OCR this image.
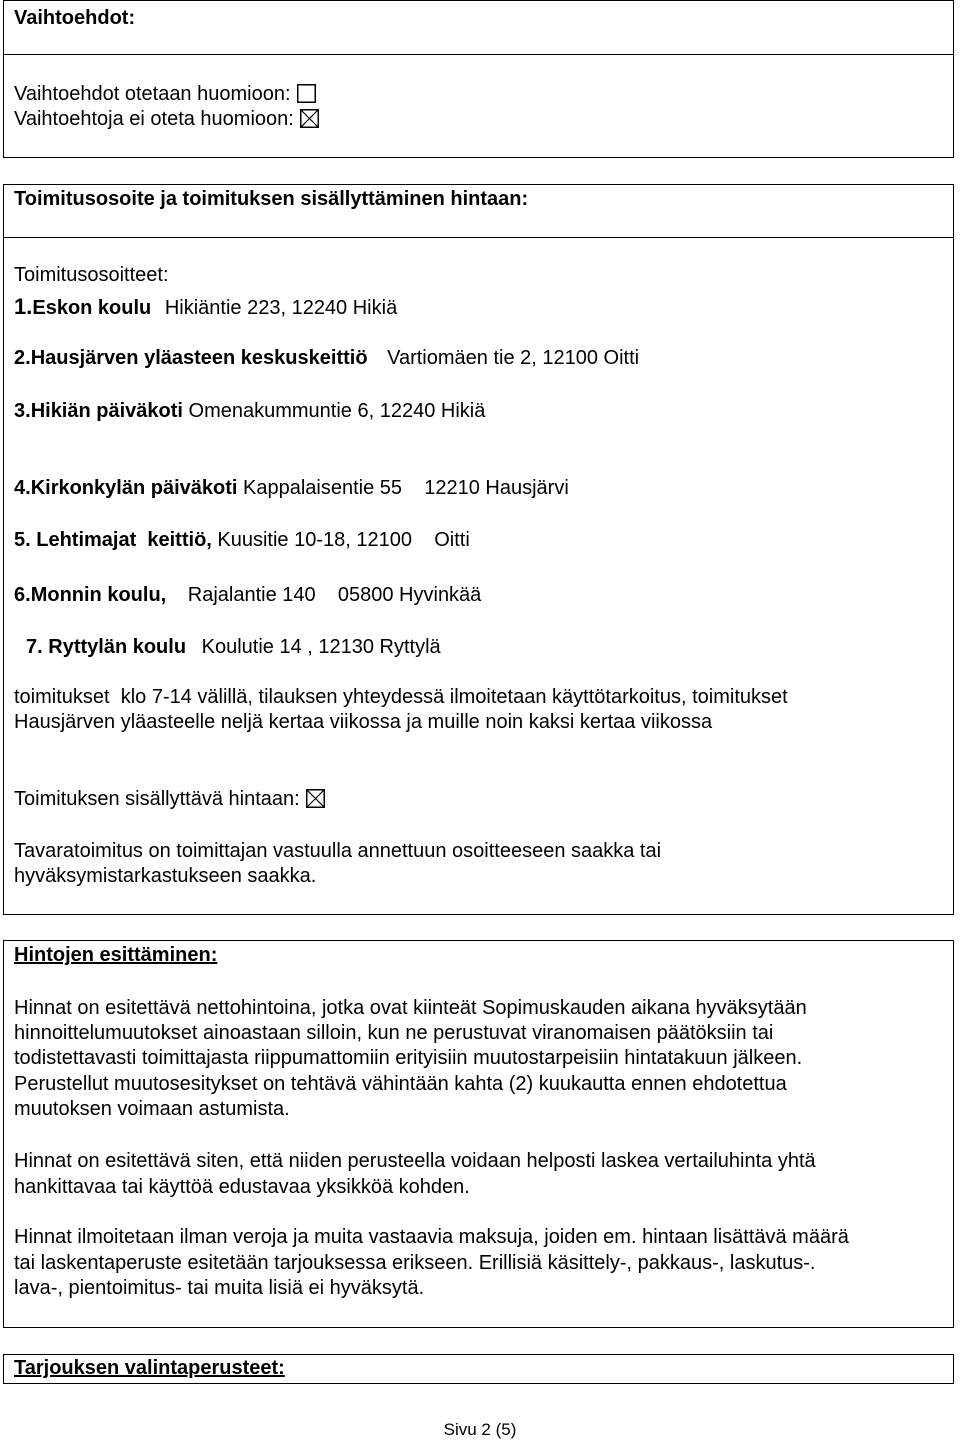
Vaihtoehdot:
Vaihtoehdot otetaan huomioon:
Vaihtoehtoja ei oteta huomioon:
Toimitusosoite ja toimituksen sisällyttäminen hintaan:
Toimitusosoitteet:
1.Eskon koulu Hikiäntie 223, 12240 Hikiä
2.Hausjärven yläasteen keskuskeittiö Vartiomäen tie 2, 12100 Oitti
3.Hikiän päiväkoti Omenakummuntie 6, 12240 Hikiä
4.Kirkonkylän päiväkoti Kappalaisentie 55    12210 Hausjärvi
5. Lehtimajat  keittiö, Kuusitie 10-18, 12100    Oitti
6.Monnin koulu, Rajalantie 140    05800 Hyvinkää
7. Ryttylän koulu Koulutie 14 , 12130 Ryttylä
toimitukset  klo 7-14 välillä, tilauksen yhteydessä ilmoitetaan käyttötarkoitus, toimitukset
Hausjärven yläasteelle neljä kertaa viikossa ja muille noin kaksi kertaa viikossa
Toimituksen sisällyttävä hintaan:
Tavaratoimitus on toimittajan vastuulla annettuun osoitteeseen saakka tai
hyväksymistarkastukseen saakka.
Hintojen esittäminen:
Hinnat on esitettävä nettohintoina, jotka ovat kiinteät Sopimuskauden aikana hyväksytään
hinnoittelumuutokset ainoastaan silloin, kun ne perustuvat viranomaisen päätöksiin tai
todistettavasti toimittajasta riippumattomiin erityisiin muutostarpeisiin hintatakuun jälkeen.
Perustellut muutosesitykset on tehtävä vähintään kahta (2) kuukautta ennen ehdotettua
muutoksen voimaan astumista.
Hinnat on esitettävä siten, että niiden perusteella voidaan helposti laskea vertailuhinta yhtä
hankittavaa tai käyttöä edustavaa yksikköä kohden.
Hinnat ilmoitetaan ilman veroja ja muita vastaavia maksuja, joiden em. hintaan lisättävä määrä
tai laskentaperuste esitetään tarjouksessa erikseen. Erillisiä käsittely-, pakkaus-, laskutus-.
lava-, pientoimitus- tai muita lisiä ei hyväksytä.
Tarjouksen valintaperusteet:
Sivu 2 (5)
